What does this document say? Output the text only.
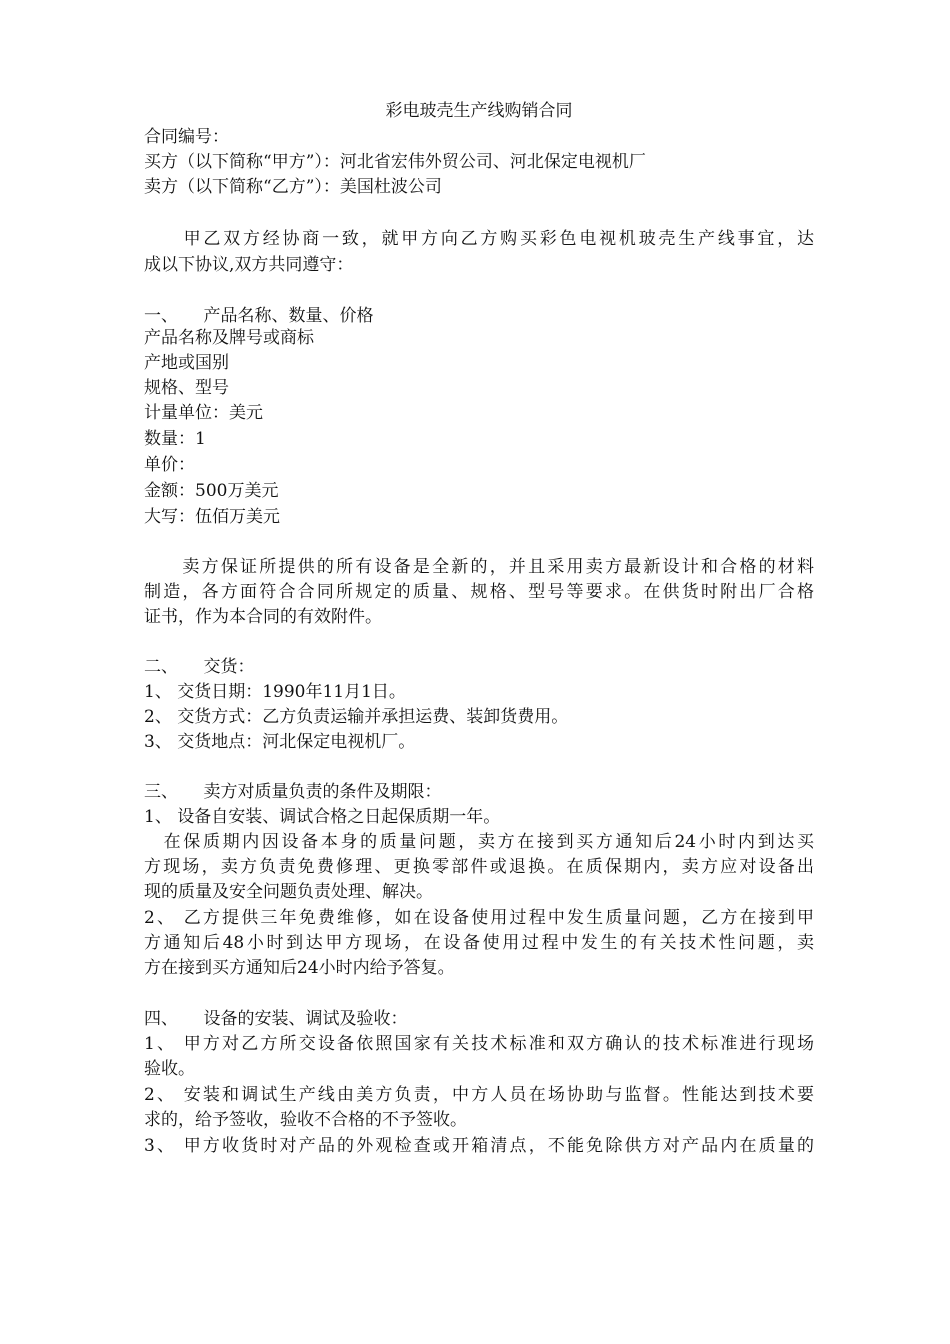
彩电玻壳生产线购销合同
合同编号：
买方（以下简称“甲方”）：河北省宏伟外贸公司、河北保定电视机厂
卖方（以下简称“乙方”）：美国杜波公司
　　甲乙双方经协商一致，就甲方向乙方购买彩色电视机玻壳生产线事宜，达
成以下协议,双方共同遵守：
一、　　产品名称、数量、价格
产品名称及牌号或商标
产地或国别
规格、型号
计量单位：美元
数量：1
单价：
金额：500万美元
大写：伍佰万美元
　　卖方保证所提供的所有设备是全新的，并且采用卖方最新设计和合格的材料
制造，各方面符合合同所规定的质量、规格、型号等要求。在供货时附出厂合格
证书，作为本合同的有效附件。
二、　　交货：
1、 交货日期：1990年11月1日。
2、 交货方式：乙方负责运输并承担运费、装卸货费用。
3、 交货地点：河北保定电视机厂。
三、　　卖方对质量负责的条件及期限：
1、 设备自安装、调试合格之日起保质期一年。
　在保质期内因设备本身的质量问题，卖方在接到买方通知后24小时内到达买
方现场，卖方负责免费修理、更换零部件或退换。在质保期内，卖方应对设备出
现的质量及安全问题负责处理、解决。
2、 乙方提供三年免费维修，如在设备使用过程中发生质量问题，乙方在接到甲
方通知后48小时到达甲方现场，在设备使用过程中发生的有关技术性问题，卖
方在接到买方通知后24小时内给予答复。
四、　　设备的安装、调试及验收：
1、 甲方对乙方所交设备依照国家有关技术标准和双方确认的技术标准进行现场
验收。
2、 安装和调试生产线由美方负责，中方人员在场协助与监督。性能达到技术要
求的，给予签收，验收不合格的不予签收。
3、 甲方收货时对产品的外观检查或开箱清点，不能免除供方对产品内在质量的
